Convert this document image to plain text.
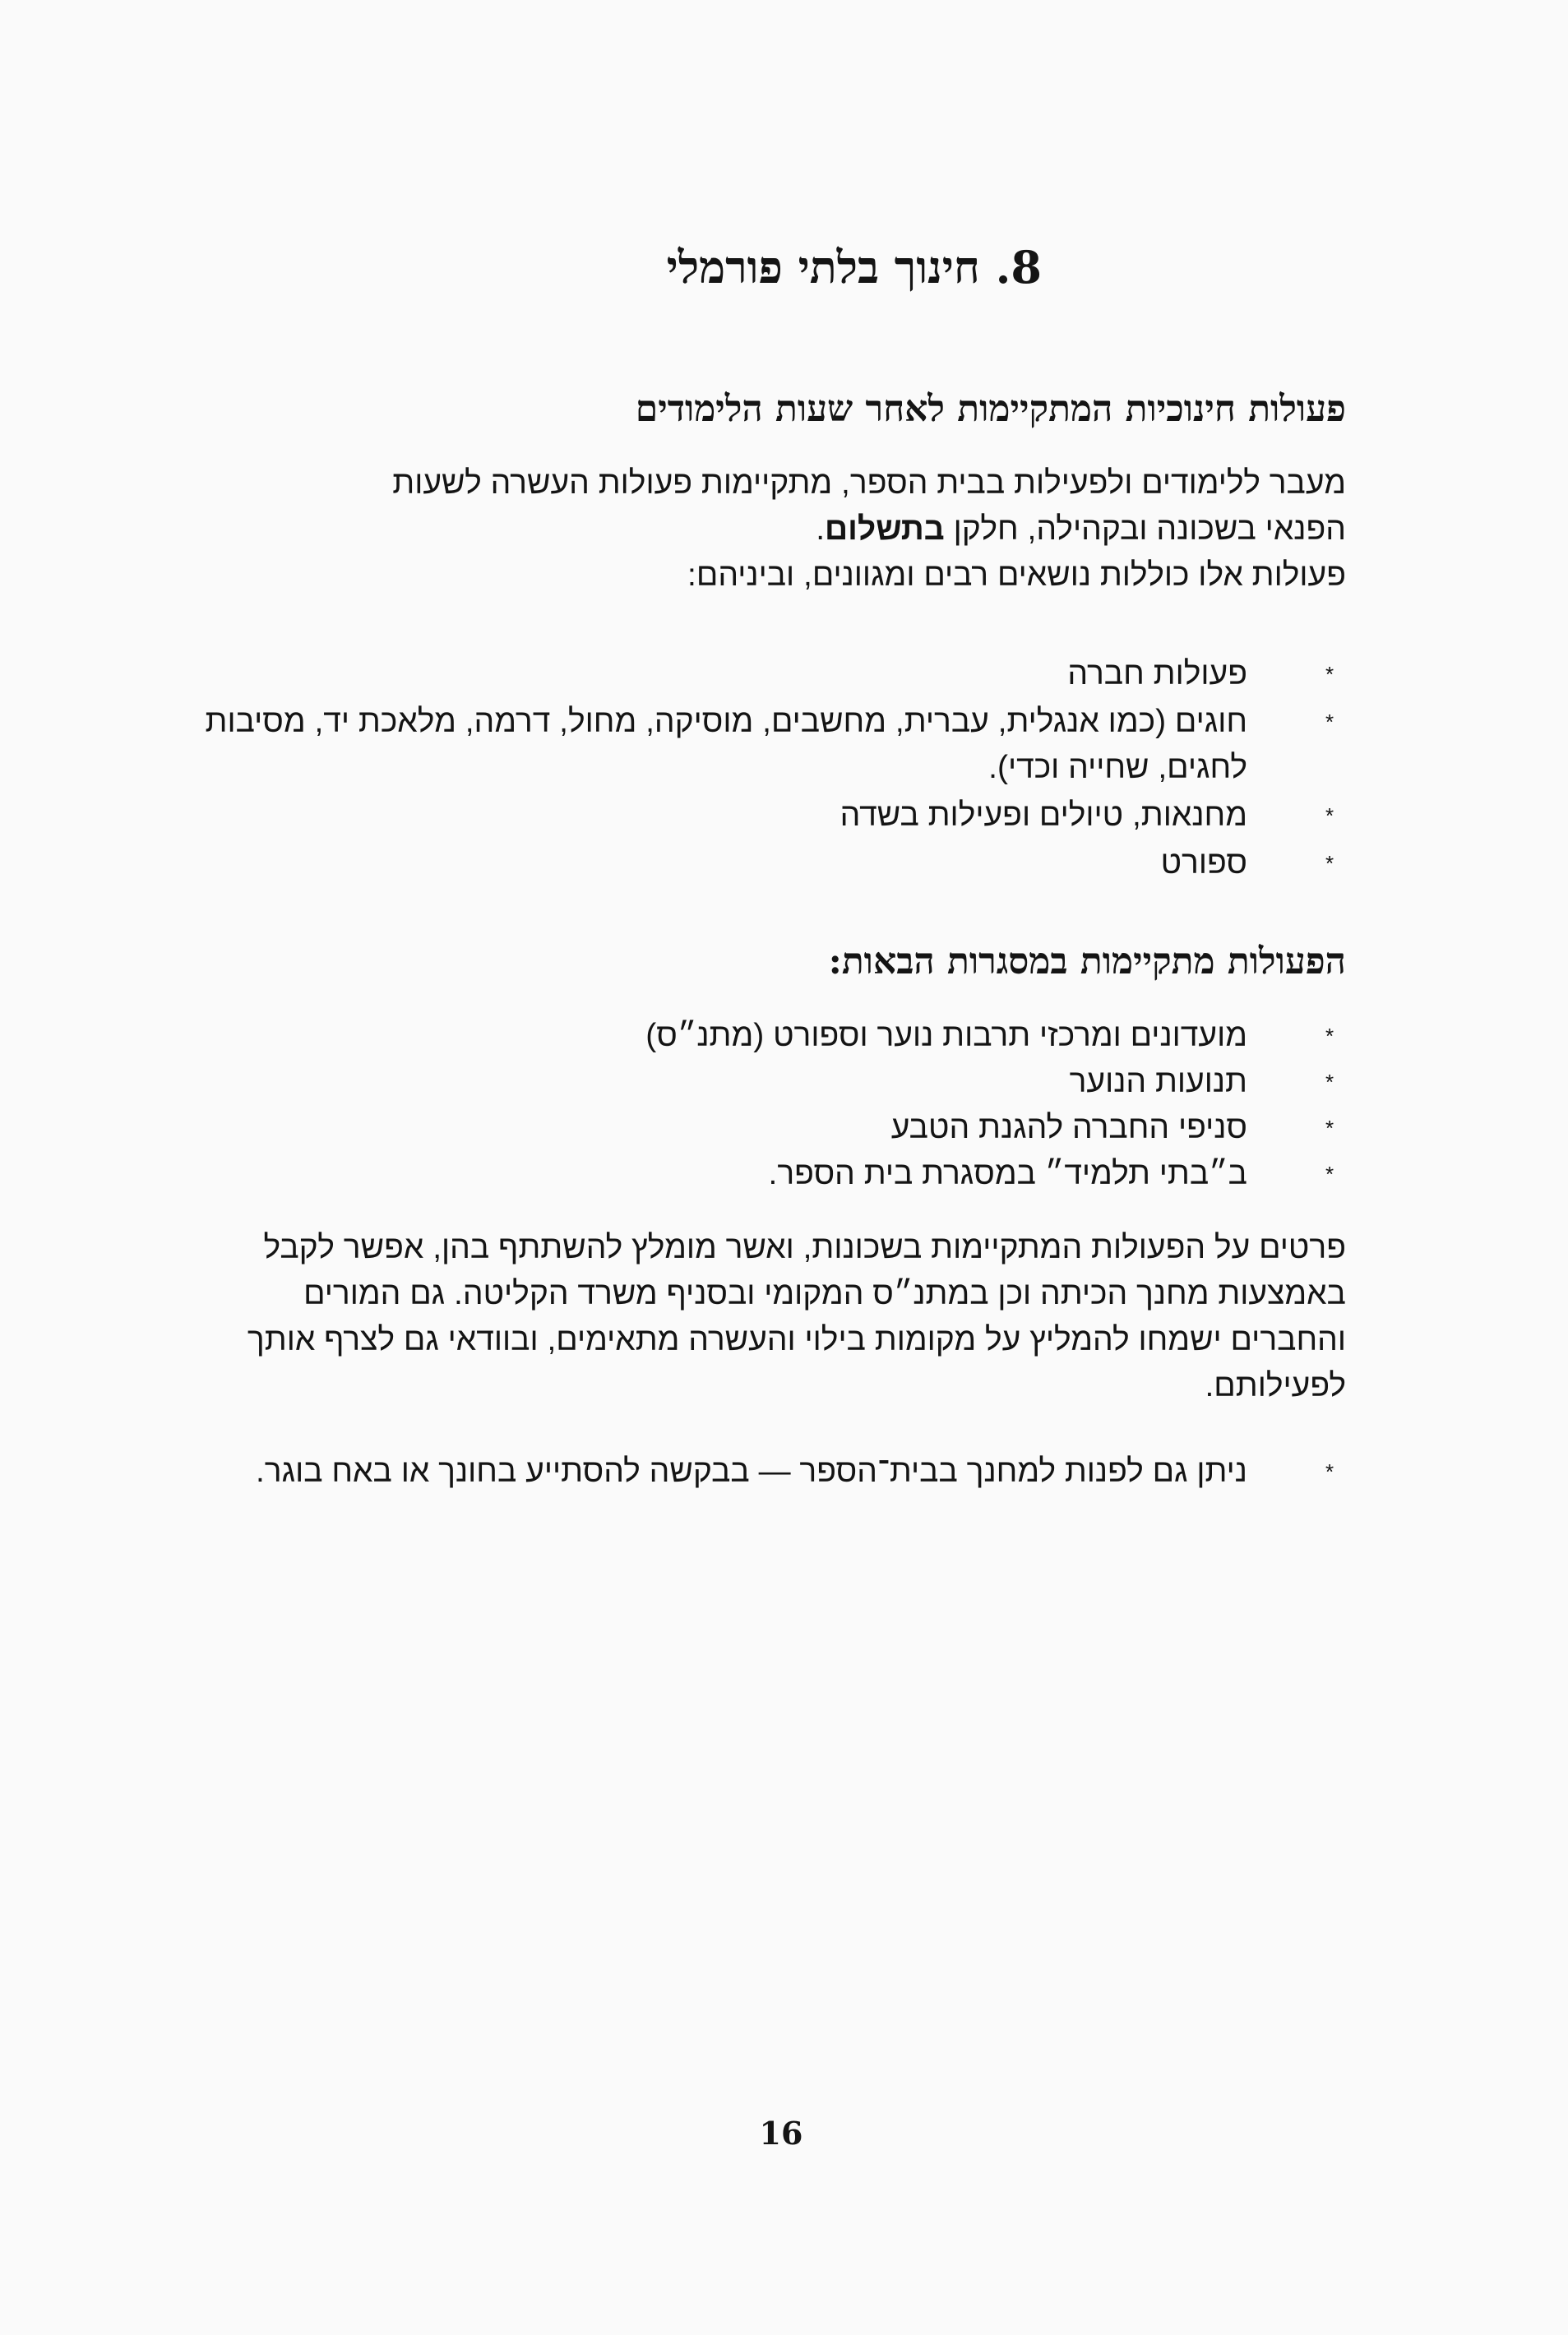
8. חינוך בלתי פורמלי
פעולות חינוכיות המתקיימות לאחר שעות הלימודים

מעבר ללימודים ולפעילות בבית הספר, מתקיימות פעולות העשרה לשעות

הפנאי בשכונה ובקהילה, חלקן בתשלום.

פעולות אלו כוללות נושאים רבים ומגוונים, וביניהם:

*
פעולות חברה
*
חוגים (כמו אנגלית, עברית, מחשבים, מוסיקה, מחול, דרמה, מלאכת יד, מסיבות לחגים, שחייה וכדי).
*
מחנאות, טיולים ופעילות בשדה
*
ספורט
הפעולות מתקיימות במסגרות הבאות:
*
מועדונים ומרכזי תרבות נוער וספורט (מתנ״ס)
*
תנועות הנוער
*
סניפי החברה להגנת הטבע
*
ב״בתי תלמיד״ במסגרת בית הספר.

פרטים על הפעולות המתקיימות בשכונות, ואשר מומלץ להשתתף בהן, אפשר לקבל באמצעות מחנך הכיתה וכן במתנ״ס המקומי ובסניף משרד הקליטה. גם המורים והחברים ישמחו להמליץ על מקומות בילוי והעשרה מתאימים, ובוודאי גם לצרף אותך לפעילותם.

*
ניתן גם לפנות למחנך בבית־הספר — בבקשה להסתייע בחונך או באח בוגר.
16
